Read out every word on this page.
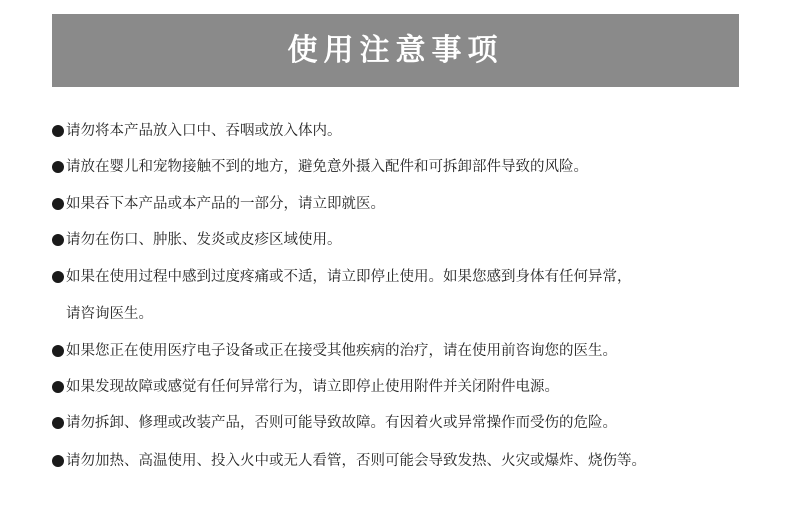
使用注意事项
请勿将本产品放入口中、吞咽或放入体内。
请放在婴儿和宠物接触不到的地方，避免意外摄入配件和可拆卸部件导致的风险。
如果吞下本产品或本产品的一部分，请立即就医。
请勿在伤口、肿胀、发炎或皮疹区域使用。
如果在使用过程中感到过度疼痛或不适，请立即停止使用。如果您感到身体有任何异常，
请咨询医生。
如果您正在使用医疗电子设备或正在接受其他疾病的治疗，请在使用前咨询您的医生。
如果发现故障或感觉有任何异常行为，请立即停止使用附件并关闭附件电源。
请勿拆卸、修理或改装产品，否则可能导致故障。有因着火或异常操作而受伤的危险。
请勿加热、高温使用、投入火中或无人看管，否则可能会导致发热、火灾或爆炸、烧伤等。
